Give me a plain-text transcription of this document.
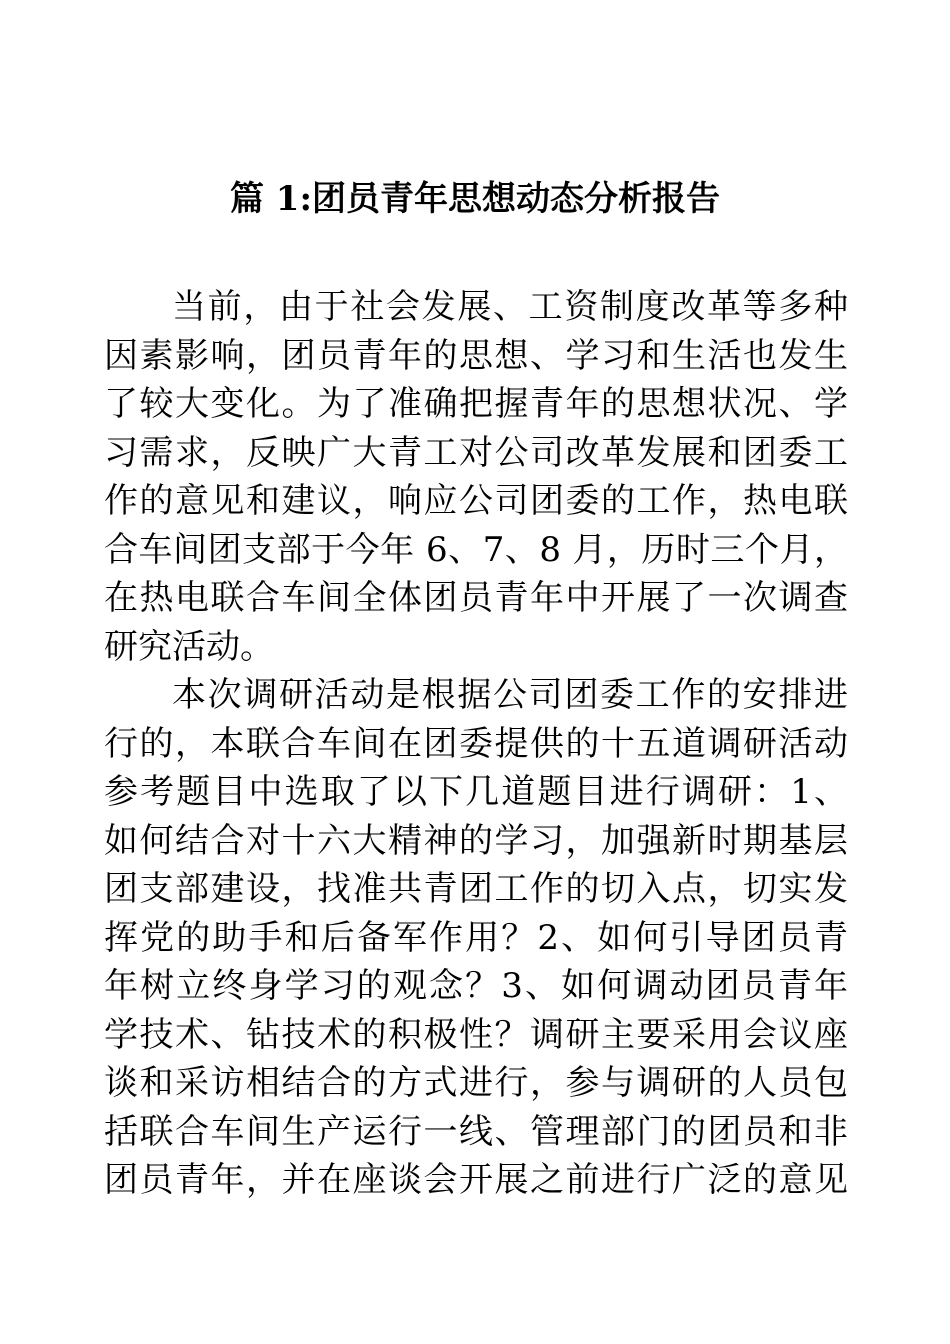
篇 1:团员青年思想动态分析报告

当前，由于社会发展、工资制度改革等多种
因素影响，团员青年的思想、学习和生活也发生
了较大变化。为了准确把握青年的思想状况、学
习需求，反映广大青工对公司改革发展和团委工
作的意见和建议，响应公司团委的工作，热电联
合车间团支部于今年 6、7、8 月，历时三个月，
在热电联合车间全体团员青年中开展了一次调查
研究活动。

本次调研活动是根据公司团委工作的安排进
行的，本联合车间在团委提供的十五道调研活动
参考题目中选取了以下几道题目进行调研：1、
如何结合对十六大精神的学习，加强新时期基层
团支部建设，找准共青团工作的切入点，切实发
挥党的助手和后备军作用？2、如何引导团员青
年树立终身学习的观念？3、如何调动团员青年
学技术、钻技术的积极性？调研主要采用会议座
谈和采访相结合的方式进行，参与调研的人员包
括联合车间生产运行一线、管理部门的团员和非
团员青年，并在座谈会开展之前进行广泛的意见
